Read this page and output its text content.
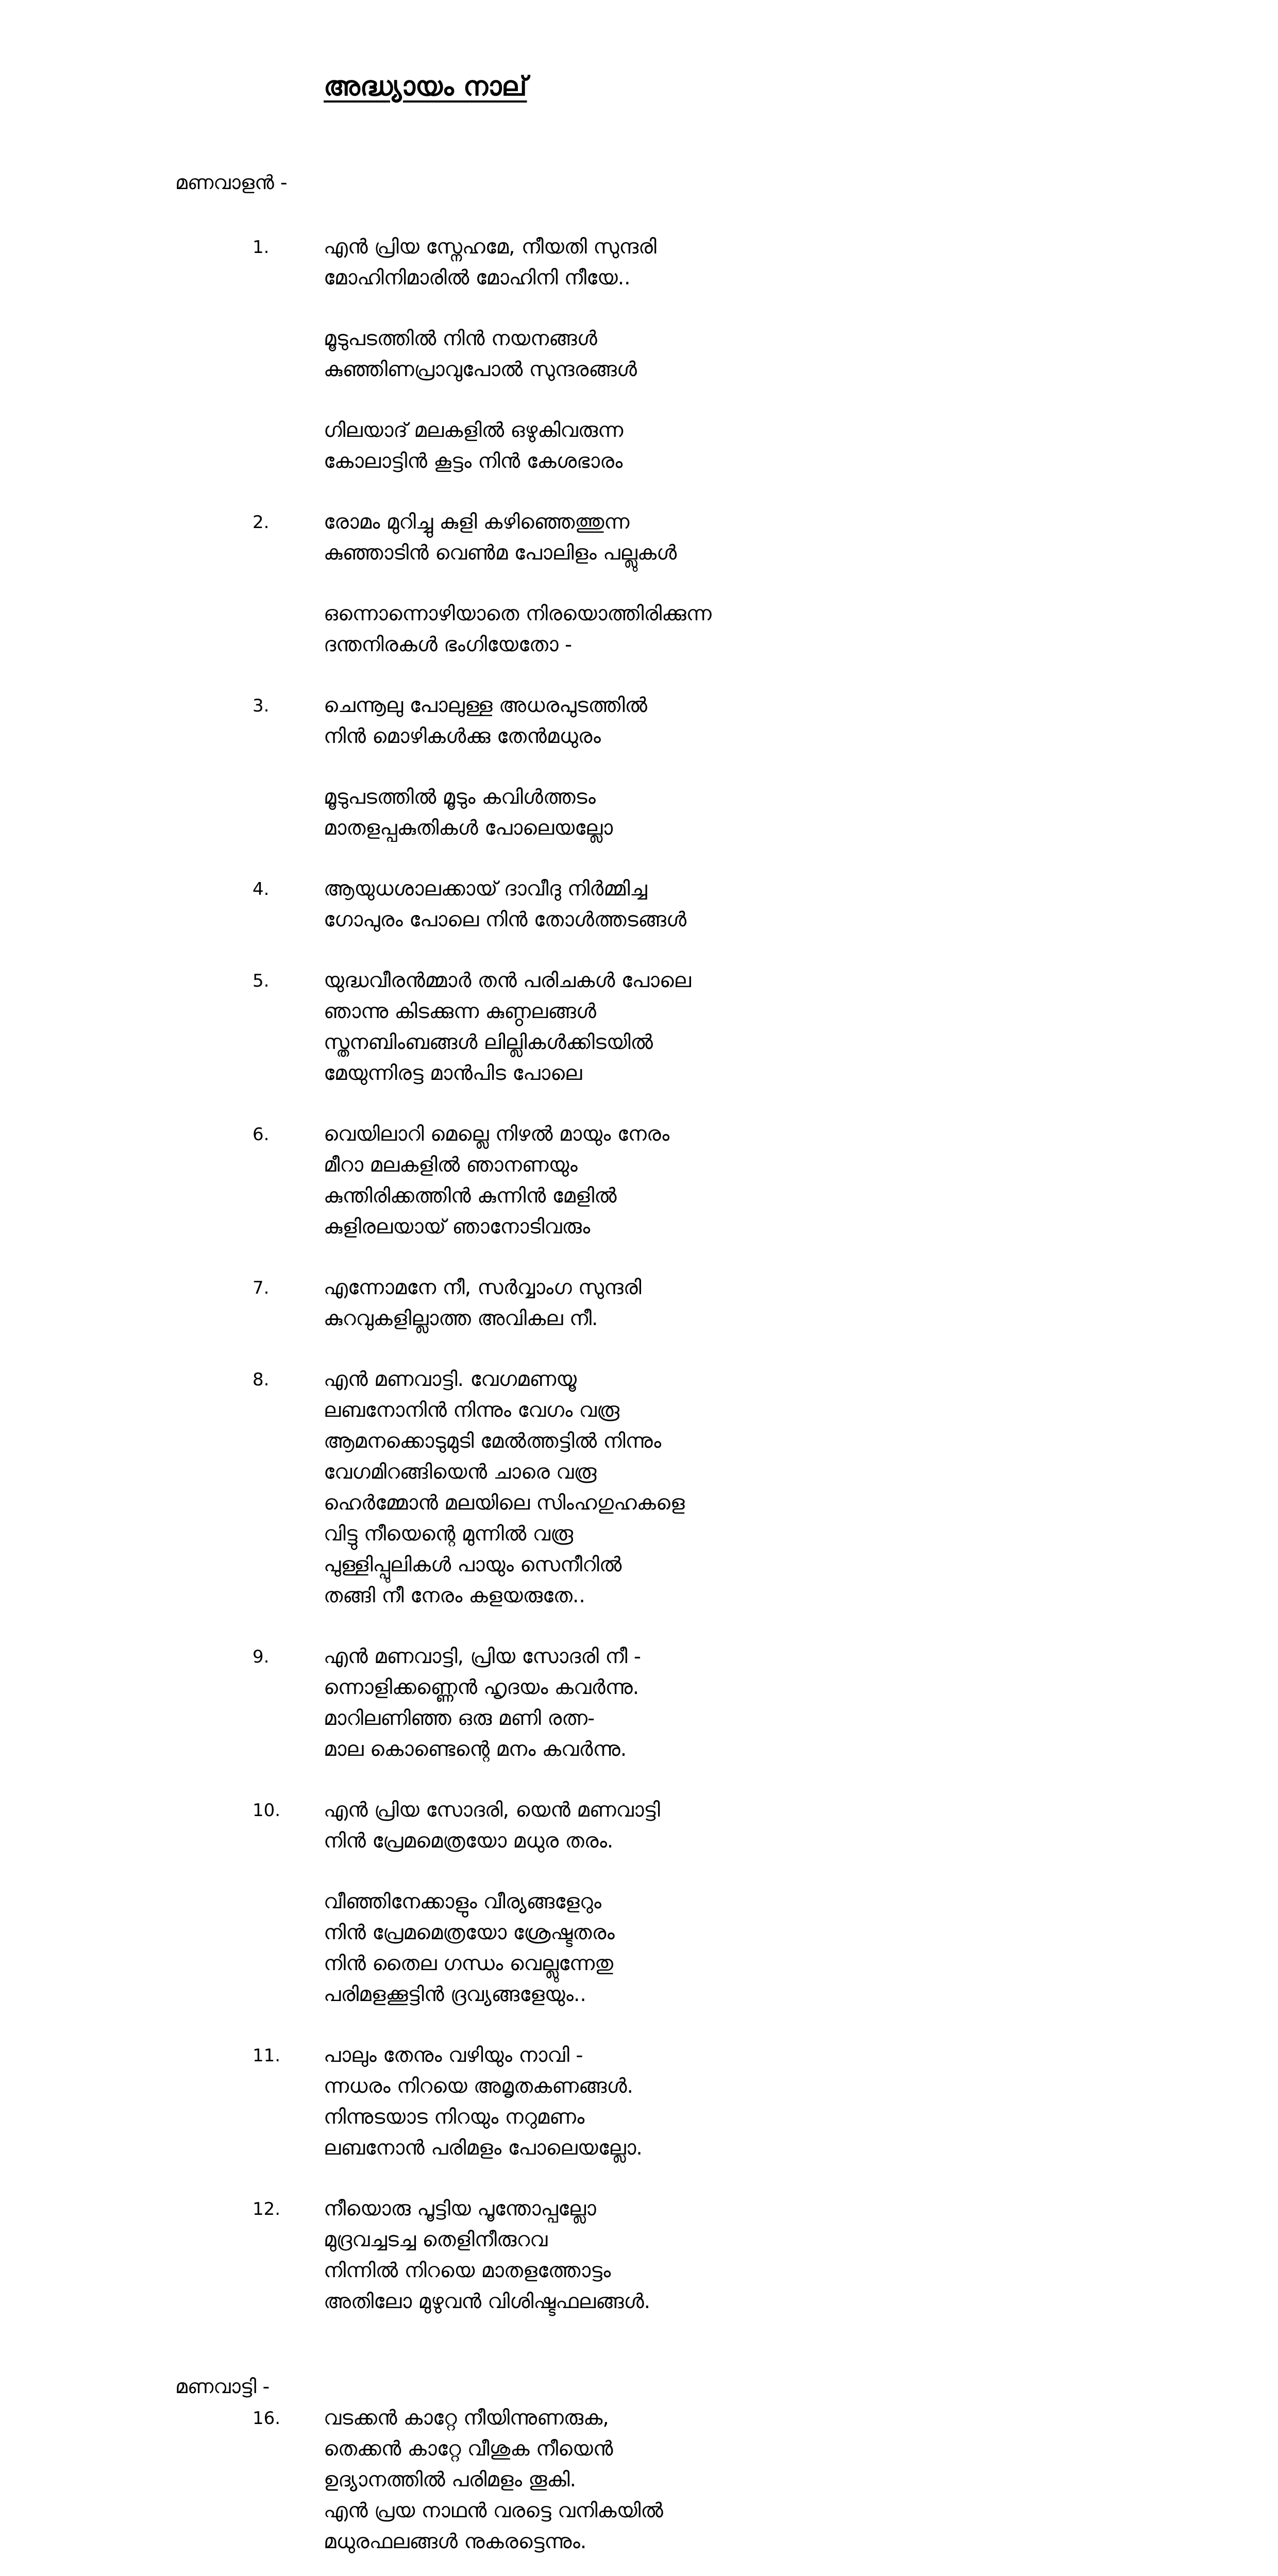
അദ്ധ്യായം നാല്

മണവാളൻ -

1.	എൻ പ്രിയ സ്നേഹമേ, നീയതി സുന്ദരി
മോഹിനിമാരിൽ മോഹിനി നീയേ..
മൂടുപടത്തിൽ നിൻ നയനങ്ങൾ
കുഞ്ഞിണപ്രാവുപോൽ സുന്ദരങ്ങൾ
ഗിലയാദ് മലകളിൽ ഒഴുകിവരുന്ന
കോലാട്ടിൻ കൂട്ടം നിൻ കേശഭാരം
2.	രോമം മുറിച്ചു കുളി കഴിഞ്ഞെത്തുന്ന
കുഞ്ഞാടിൻ വെൺമ പോലിളം പല്ലുകൾ
ഒന്നൊന്നൊഴിയാതെ നിരയൊത്തിരിക്കുന്ന
ദന്തനിരകൾ ഭംഗിയേതോ -
3.	ചെന്നൂലു പോലുള്ള അധരപുടത്തിൽ
നിൻ മൊഴികൾക്കു തേൻമധുരം
മൂടുപടത്തിൽ മൂടും കവിൾത്തടം
മാതളപ്പകുതികൾ പോലെയല്ലോ
4.	ആയുധശാലക്കായ് ദാവീദു നിർമ്മിച്ച
ഗോപുരം പോലെ നിൻ തോൾത്തടങ്ങൾ
5.	യുദ്ധവീരൻമ്മാർ തൻ പരിചകൾ പോലെ
ഞാന്നു കിടക്കുന്ന കുണ്ഠലങ്ങൾ
സ്തനബിംബങ്ങൾ ലില്ലികൾക്കിടയിൽ
മേയുന്നിരട്ട മാൻപിട പോലെ
6.	വെയിലാറി മെല്ലെ നിഴൽ മായും നേരം
മീറാ മലകളിൽ ഞാനണയും
കുന്തിരിക്കത്തിൻ കുന്നിൻ മേളിൽ
കുളിരലയായ് ഞാനോടിവരും
7.	എന്നോമനേ നീ, സർവ്വാംഗ സുന്ദരി
കുറവുകളില്ലാത്ത അവികല നീ.
8.	എൻ മണവാട്ടി. വേഗമണയൂ
ലബനോനിൻ നിന്നും വേഗം വരൂ
ആമനക്കൊടുമുടി മേൽത്തട്ടിൽ നിന്നും
വേഗമിറങ്ങിയെൻ ചാരെ വരൂ
ഹെർമ്മോൻ മലയിലെ സിംഹഗുഹകളെ
വിട്ടു നീയെന്റെ മുന്നിൽ വരൂ
പുള്ളിപ്പുലികൾ പായും സെനീറിൽ
തങ്ങി നീ നേരം കളയരുതേ..
9.	എൻ മണവാട്ടി, പ്രിയ സോദരി നീ -
ന്നൊളിക്കണ്ണെൻ ഹൃദയം കവർന്നു.
മാറിലണിഞ്ഞ ഒരു മണി രത്ന-
മാല കൊണ്ടെന്റെ മനം കവർന്നു.
10. എൻ പ്രിയ സോദരി, യെൻ മണവാട്ടി
നിൻ പ്രേമമെത്രയോ മധുര തരം.
വീഞ്ഞിനേക്കാളും വീര്യങ്ങളേറും
നിൻ പ്രേമമെത്രയോ ശ്രേഷ്ടതരം
നിൻ തൈല ഗന്ധം വെല്ലുന്നേതു
പരിമളക്കൂട്ടിൻ ദ്രവ്യങ്ങളേയും..
11. പാലും തേനും വഴിയും നാവി -
ന്നധരം നിറയെ അമൃതകണങ്ങൾ.
നിന്നുടയാട നിറയും നറുമണം
ലബനോൻ പരിമളം പോലെയല്ലോ.
12. നീയൊരു പൂട്ടിയ പൂന്തോപ്പല്ലോ
മുദ്രവച്ചടച്ച തെളിനീരുറവ
നിന്നിൽ നിറയെ മാതളത്തോട്ടം
അതിലോ മുഴുവൻ വിശിഷ്ടഫലങ്ങൾ.

മണവാട്ടി -

16. വടക്കൻ കാറ്റേ നീയിന്നുണരുക,
തെക്കൻ കാറ്റേ വീശുക നീയെൻ
ഉദ്യാനത്തിൽ പരിമളം തൂകി.
എൻ പ്രയ നാഥൻ വരട്ടെ വനികയിൽ
മധുരഫലങ്ങൾ നുകരട്ടെന്നും.
